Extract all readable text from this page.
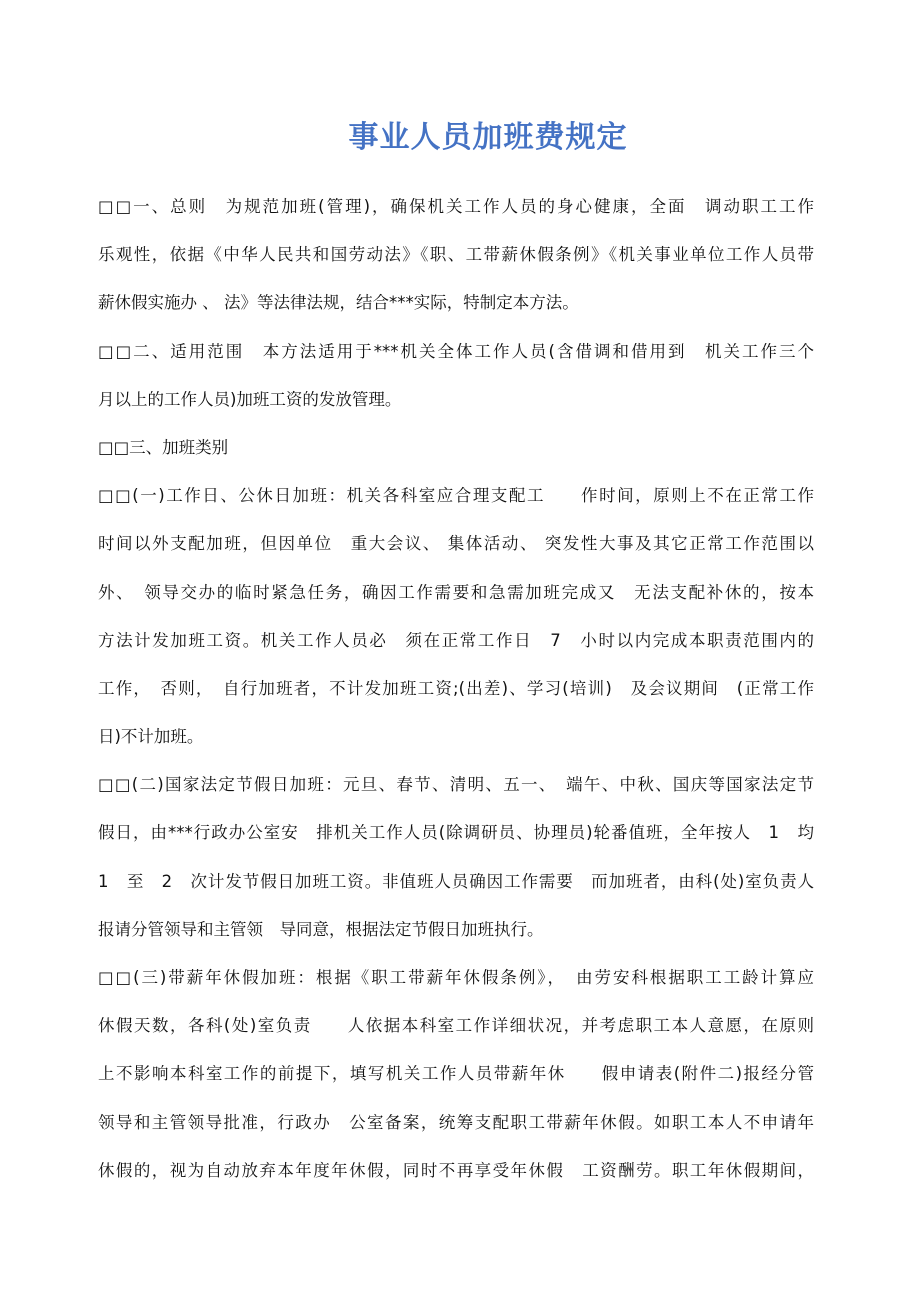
事业人员加班费规定
□□一、总则　为规范加班(管理)，确保机关工作人员的身心健康，全面　调动职工工作
乐观性，依据《中华人民共和国劳动法》《职、工带薪休假条例》《机关事业单位工作人员带
薪休假实施办 、 法》等法律法规，结合***实际，特制定本方法。
□□二、适用范围　本方法适用于***机关全体工作人员(含借调和借用到　机关工作三个
月以上的工作人员)加班工资的发放管理。
□□三、加班类别
□□(一)工作日、公休日加班：机关各科室应合理支配工　　作时间，原则上不在正常工作
时间以外支配加班，但因单位　重大会议、 集体活动、 突发性大事及其它正常工作范围以
外、　领导交办的临时紧急任务，确因工作需要和急需加班完成又　无法支配补休的，按本
方法计发加班工资。机关工作人员必　须在正常工作日　7　小时以内完成本职责范围内的
工作，　否则，　自行加班者，不计发加班工资;(出差)、学习(培训)　及会议期间　(正常工作
日)不计加班。
□□(二)国家法定节假日加班：元旦、春节、清明、五一、　端午、中秋、国庆等国家法定节
假日，由***行政办公室安　排机关工作人员(除调研员、协理员)轮番值班，全年按人　1　均
1　至　2　次计发节假日加班工资。非值班人员确因工作需要　而加班者，由科(处)室负责人
报请分管领导和主管领　导同意，根据法定节假日加班执行。
□□(三)带薪年休假加班：根据《职工带薪年休假条例》，　由劳安科根据职工工龄计算应
休假天数，各科(处)室负责　　人依据本科室工作详细状况，并考虑职工本人意愿，在原则
上不影响本科室工作的前提下，填写机关工作人员带薪年休　　假申请表(附件二)报经分管
领导和主管领导批准，行政办　公室备案，统筹支配职工带薪年休假。如职工本人不申请年
休假的，视为自动放弃本年度年休假，同时不再享受年休假　工资酬劳。职工年休假期间，
